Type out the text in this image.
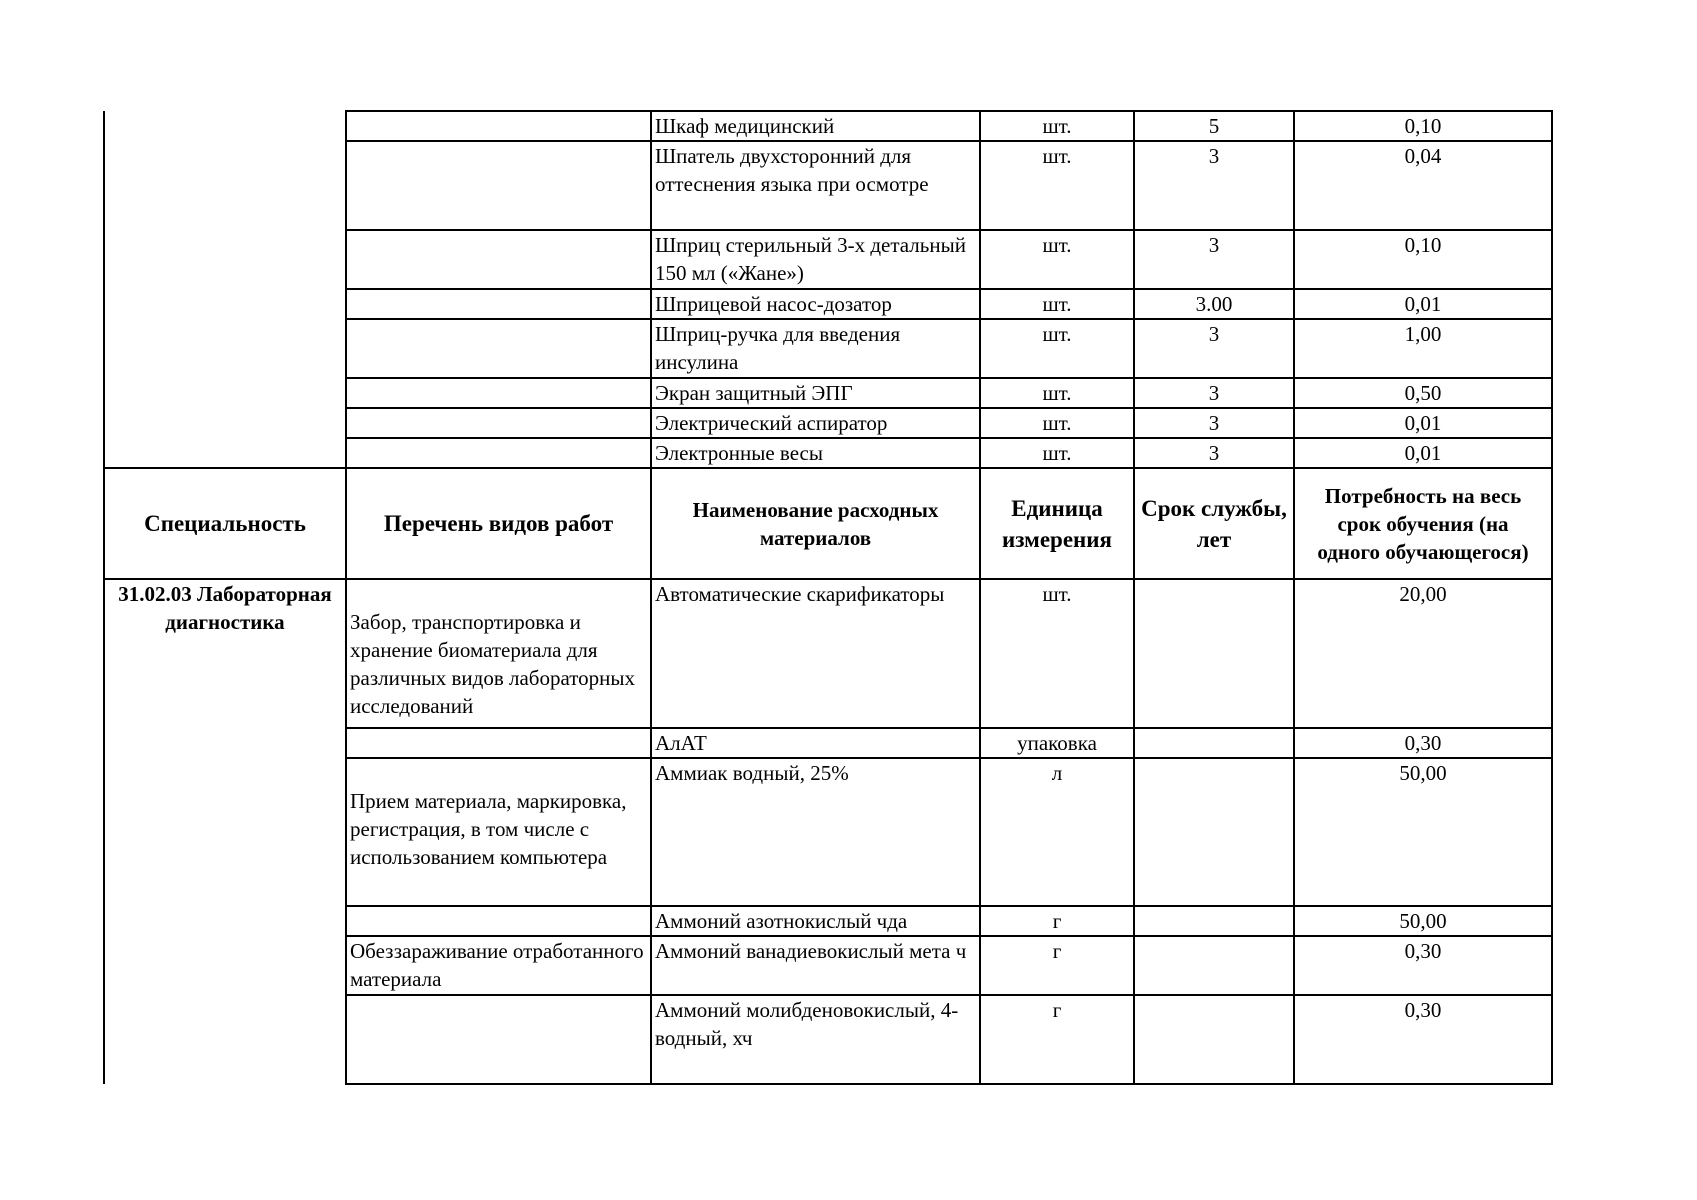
		Шкаф медицинский	шт.	5	0,10
		Шпатель двухсторонний для оттеснения языка при осмотре	шт.	3	0,04
		Шприц стерильный 3-х детальный 150 мл («Жане»)	шт.	3	0,10
		Шприцевой насос-дозатор	шт.	3.00	0,01
		Шприц-ручка для введения инсулина	шт.	3	1,00
		Экран защитный ЭПГ	шт.	3	0,50
		Электрический аспиратор	шт.	3	0,01
		Электронные весы	шт.	3	0,01
Специальность	Перечень видов работ	Наименование расходных материалов	Единица измерения	Срок службы, лет	Потребность на весь срок обучения (на одного обучающегося)
31.02.03 Лабораторная диагностика	Забор, транспортировка и хранение биоматериала для различных видов лабораторных исследований	Автоматические скарификаторы	шт.		20,00
		АлАТ	упаковка		0,30

	Прием материала, маркировка, регистрация, в том числе с использованием компьютера	Аммиак водный, 25%	л		50,00
		Аммоний азотнокислый чда	г		50,00
	Обеззараживание отработанного материала	Аммоний ванадиевокислый мета ч	г		0,30
		Аммоний молибденовокислый, 4-водный, хч	г		0,30
